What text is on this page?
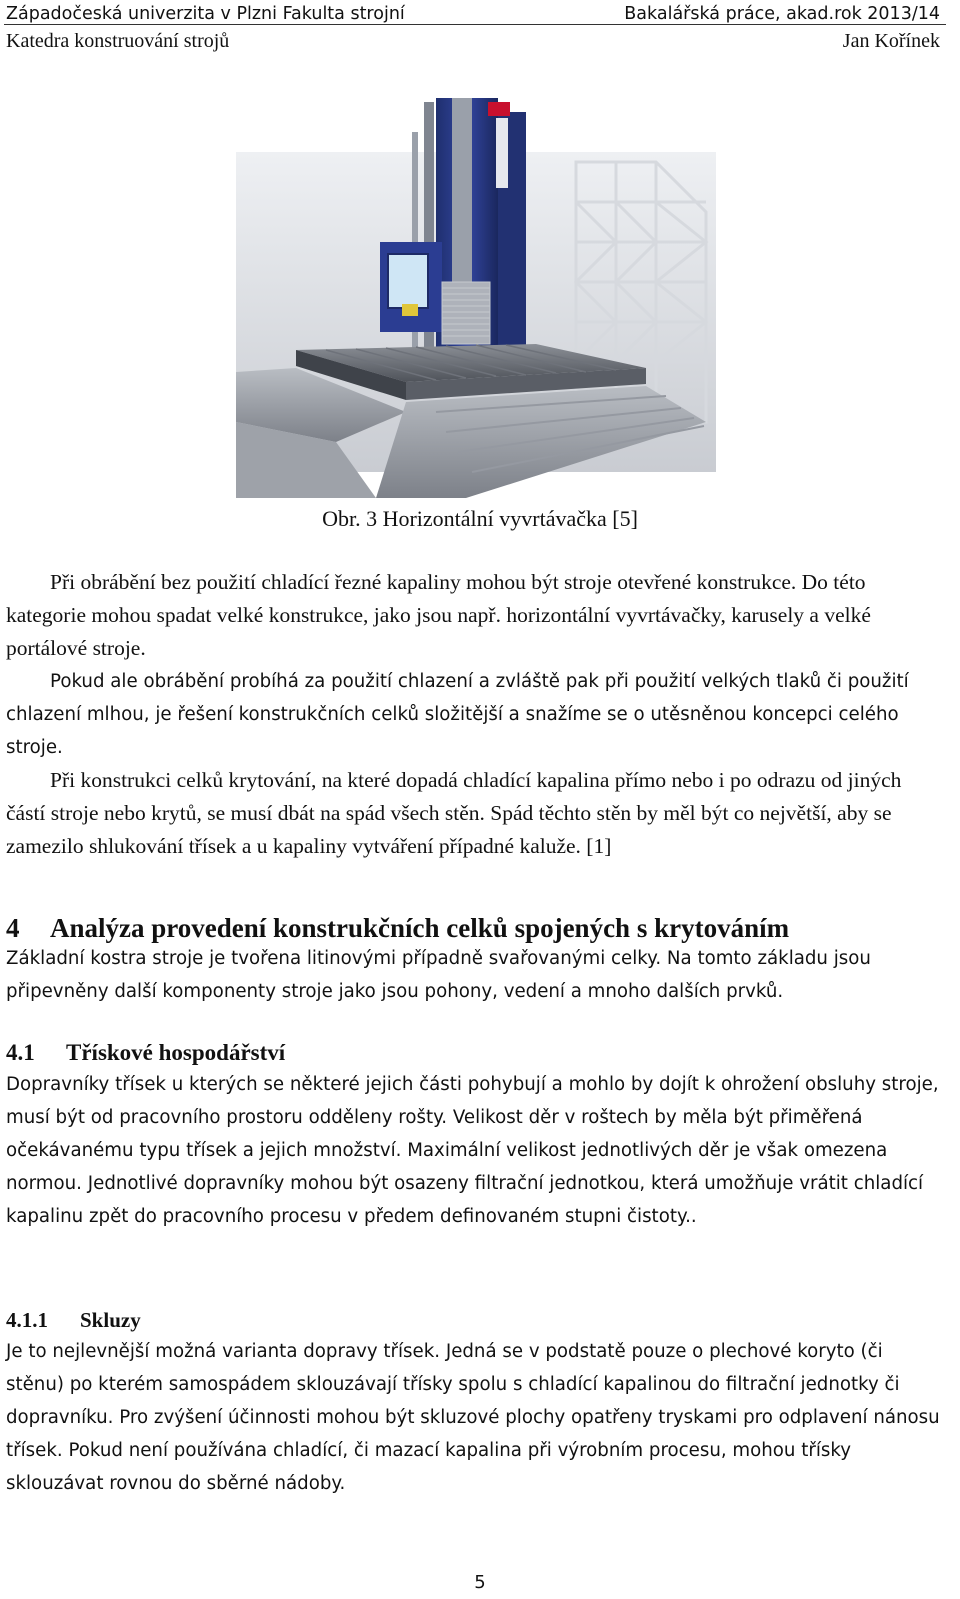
Západočeská univerzita v Plzni Fakulta strojní	Bakalářská práce, akad.rok 2013/14
Katedra konstruování strojů	Jan Kořínek
Obr. 3 Horizontální vyvrtávačka [5]

Při obrábění bez použití chladící řezné kapaliny mohou být stroje otevřené konstrukce. Do této kategorie mohou spadat velké konstrukce, jako jsou např. horizontální vyvrtávačky, karusely a velké portálové stroje.

Pokud ale obrábění probíhá za použití chlazení a zvláště pak při použití velkých tlaků či použití chlazení mlhou, je řešení konstrukčních celků složitější a snažíme se o utěsněnou koncepci celého stroje.

Při konstrukci celků krytování, na které dopadá chladící kapalina přímo nebo i po odrazu od jiných částí stroje nebo krytů, se musí dbát na spád všech stěn. Spád těchto stěn by měl být co největší, aby se zamezilo shlukování třísek a u kapaliny vytváření případné kaluže. [1]

4 Analýza provedení konstrukčních celků spojených s krytováním

Základní kostra stroje je tvořena litinovými případně svařovanými celky. Na tomto základu jsou připevněny další komponenty stroje jako jsou pohony, vedení a mnoho dalších prvků.

4.1 Třískové hospodářství

Dopravníky třísek u kterých se některé jejich části pohybují a mohlo by dojít k ohrožení obsluhy stroje, musí být od pracovního prostoru odděleny rošty. Velikost děr v roštech by měla být přiměřená očekávanému typu třísek a jejich množství. Maximální velikost jednotlivých děr je však omezena normou. Jednotlivé dopravníky mohou být osazeny filtrační jednotkou, která umožňuje vrátit chladící kapalinu zpět do pracovního procesu v předem definovaném stupni čistoty..

4.1.1 Skluzy

Je to nejlevnější možná varianta dopravy třísek. Jedná se v podstatě pouze o plechové koryto (či stěnu) po kterém samospádem sklouzávají třísky spolu s chladící kapalinou do filtrační jednotky či dopravníku. Pro zvýšení účinnosti mohou být skluzové plochy opatřeny tryskami pro odplavení nánosu třísek. Pokud není používána chladící, či mazací kapalina při výrobním procesu, mohou třísky sklouzávat rovnou do sběrné nádoby.

5
